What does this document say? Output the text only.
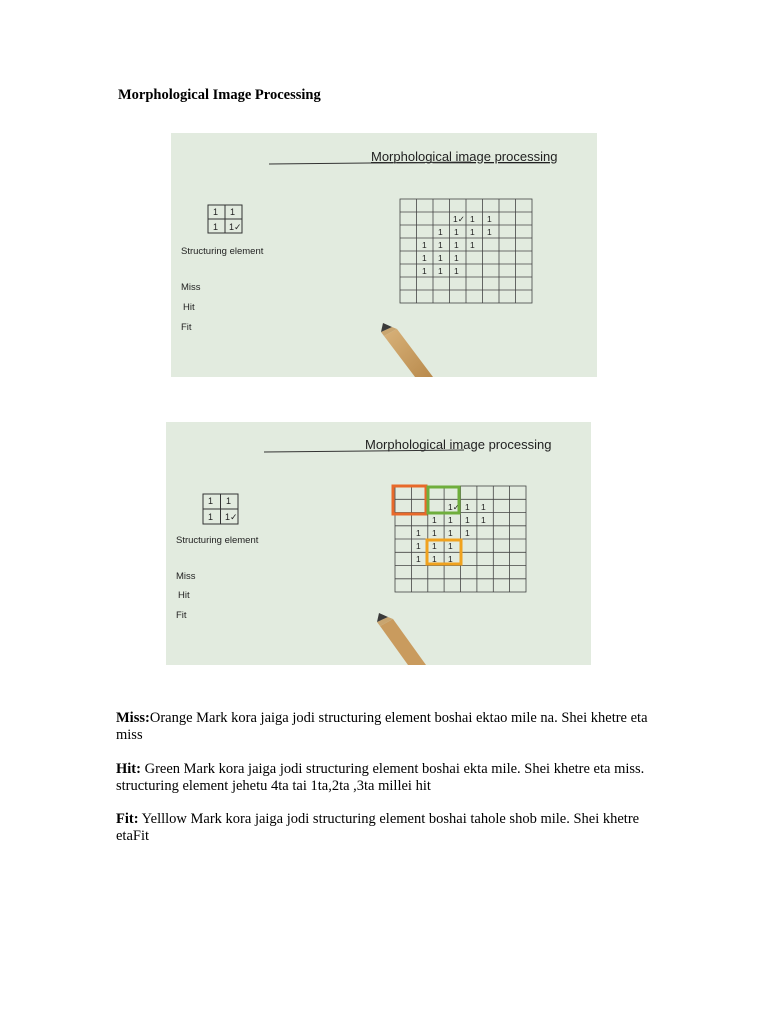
Morphological Image Processing
Morphological image processing
1 1
1 1✓
Structuring element
Miss
Hit
Fit
1✓ 1 1
1 1 1 1
1 1 1 1
1 1 1
1 1 1
Morphological image processing
1 1
1 1✓
Structuring element
Miss
Hit
Fit
1✓ 1 1
1 1 1 1
1 1 1 1
1 1 1
1 1 1

Miss:Orange Mark kora jaiga jodi structuring element boshai ektao mile na. Shei khetre eta miss

Hit: Green Mark kora jaiga jodi structuring element boshai ekta mile. Shei khetre eta miss. structuring element jehetu 4ta tai 1ta,2ta ,3ta millei hit

Fit: Yelllow Mark kora jaiga jodi structuring element boshai tahole shob mile. Shei khetre etaFit
